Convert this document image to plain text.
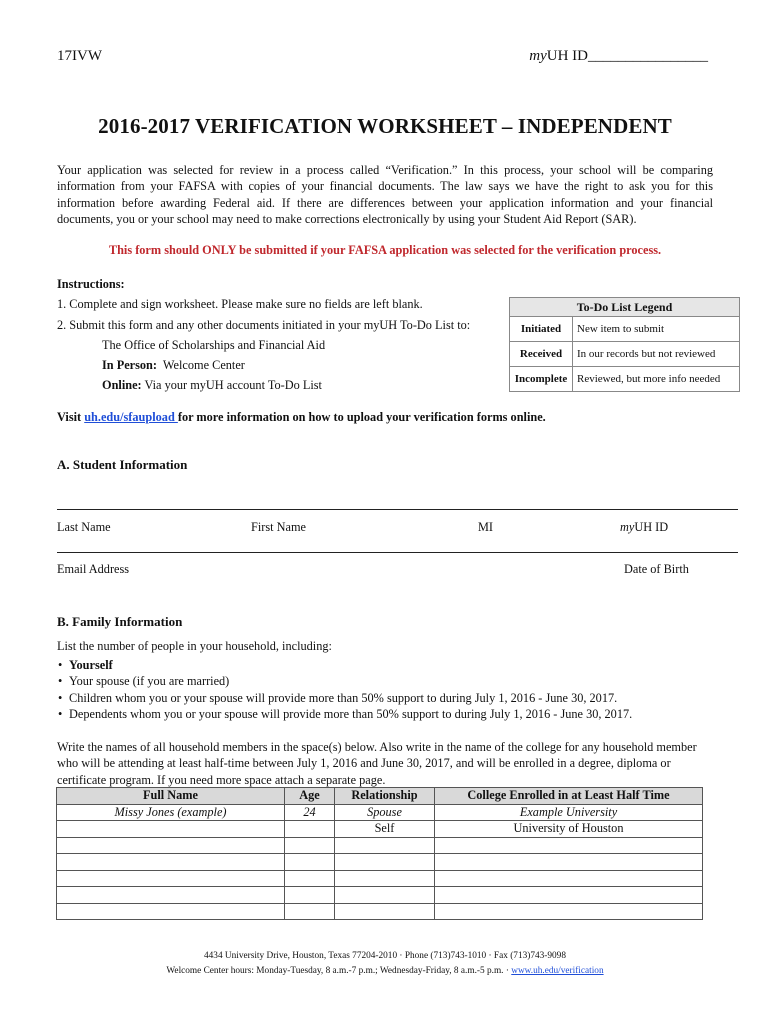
17IVW	myUH ID________________
2016-2017 VERIFICATION WORKSHEET – INDEPENDENT
Your application was selected for review in a process called “Verification.” In this process, your school will be comparing information from your FAFSA with copies of your financial documents. The law says we have the right to ask you for this information before awarding Federal aid. If there are differences between your application information and your financial documents, you or your school may need to make corrections electronically by using your Student Aid Report (SAR).
This form should ONLY be submitted if your FAFSA application was selected for the verification process.
Instructions:
1. Complete and sign worksheet. Please make sure no fields are left blank.
2. Submit this form and any other documents initiated in your myUH To-Do List to:
The Office of Scholarships and Financial Aid
In Person:  Welcome Center
Online: Via your myUH account To-Do List
To-Do List Legend	
Initiated	New item to submit
Received	In our records but not reviewed
Incomplete	Reviewed, but more info needed
Visit uh.edu/sfaupload for more information on how to upload your verification forms online.
A. Student Information
Last Name	First Name	MI	myUH ID
Email Address	Date of Birth
B. Family Information
List the number of people in your household, including:
• Yourself
• Your spouse (if you are married)
• Children whom you or your spouse will provide more than 50% support to during July 1, 2016 - June 30, 2017.
• Dependents whom you or your spouse will provide more than 50% support to during July 1, 2016 - June 30, 2017.
Write the names of all household members in the space(s) below. Also write in the name of the college for any household member who will be attending at least half-time between July 1, 2016 and June 30, 2017, and will be enrolled in a degree, diploma or certificate program. If you need more space attach a separate page.
Full Name	Age	Relationship	College Enrolled in at Least Half Time
Missy Jones (example)	24	Spouse	Example University
		Self	University of Houston

4434 University Drive, Houston, Texas 77204-2010 · Phone (713)743-1010 · Fax (713)743-9098
Welcome Center hours: Monday-Tuesday, 8 a.m.-7 p.m.; Wednesday-Friday, 8 a.m.-5 p.m. · www.uh.edu/verification
